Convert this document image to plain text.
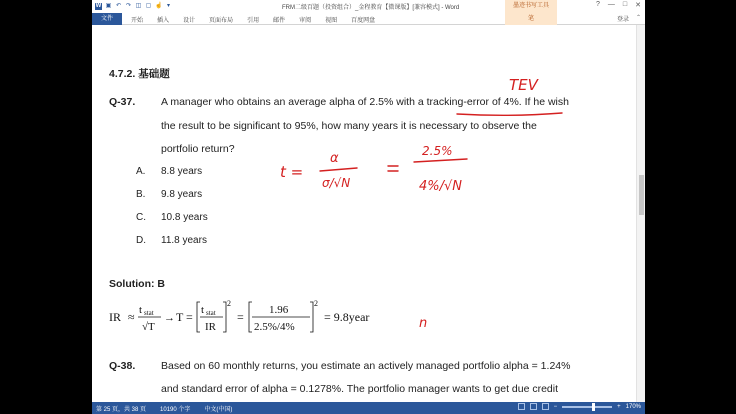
W ▣ ↶ ↷ ◫ ▢ ☝ ▾	FRM二级百题（投资组合）_金程教育【微课版】[兼容模式] - Word	墨迹书写工具	? — □ ✕
文件	开始	插入	设计	页面布局	引用	邮件	审阅	视图	百度网盘	笔	登录 ⌃
4.7.2. 基础题
Q-37. A manager who obtains an average alpha of 2.5% with a tracking-error of 4%. If he wish
the result to be significant to 95%, how many years it is necessary to observe the
portfolio return?
A. 8.8 years
B. 9.8 years
C. 10.8 years
D. 11.8 years
Solution: B
IR ≈ t stat
√T
→ T = t stat
IR
2
= 1.96
2.5%/4%
2
= 9.8year
Q-38. Based on 60 monthly returns, you estimate an actively managed portfolio alpha = 1.24%
and standard error of alpha = 0.1278%. The portfolio manager wants to get due credit
TEV
t =
α
σ/√N
2.5%
4%/√N
n
第 25 页，共 38 页 10190 个字 中文(中国)	−	+ 170%
